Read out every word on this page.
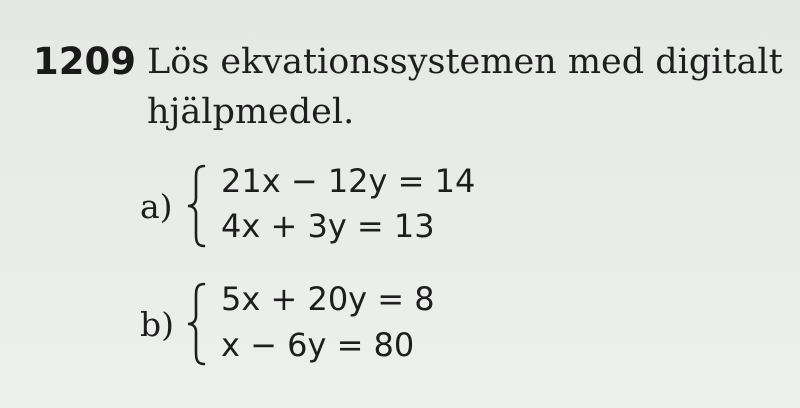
1209 Lös ekvationssystemen med digitalt
hjälpmedel.
a)
21x − 12y = 14
4x + 3y = 13
b)
5x + 20y = 8
x − 6y = 80
